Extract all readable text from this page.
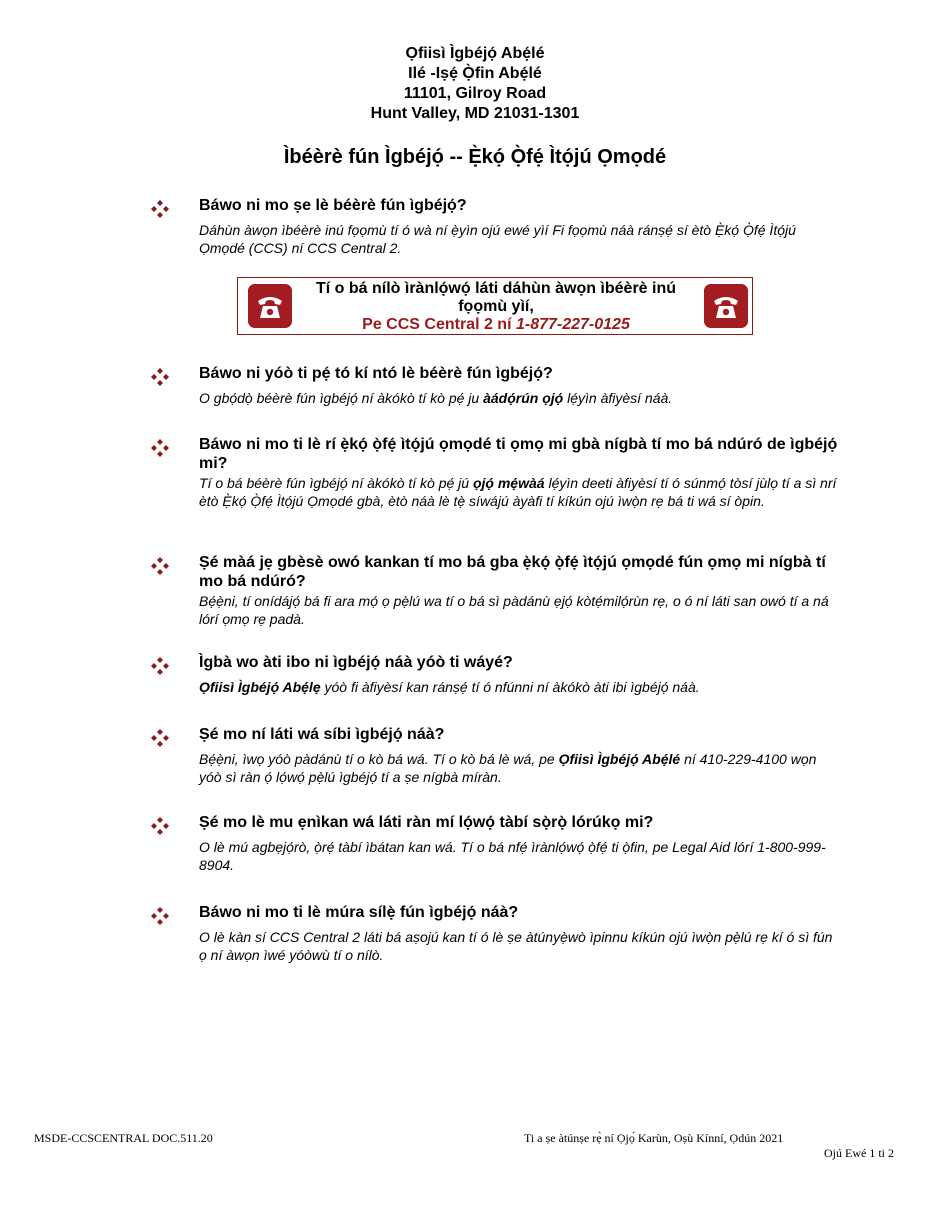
Ọfiisì Ìgbéjọ́ Abẹ́lé
Ilé -Iṣẹ́ Ọ̀fin Abẹ́lé
11101, Gilroy Road
Hunt Valley, MD 21031-1301
Ìbéèrè fún Ìgbéjọ́ -- Ẹ̀kọ́ Ọ̀fẹ́ Ìtọ́jú Ọmọdé
Báwo ni mo ṣe lè béèrè fún ìgbéjọ́?
Dáhùn àwọn ìbéèrè inú fọọmù tí ó wà ní ẹ̀yìn ojú ewé yìí Fi fọọmù náà ránṣẹ́ sí ètò Ẹ̀kọ́ Ọ̀fẹ́ Ìtọ́jú Ọmọdé (CCS) ní CCS Central 2.
Tí o bá nílò ìrànlọ́wọ́ láti dáhùn àwọn ìbéèrè inú fọọmù yìí,
Pe CCS Central 2 ní 1-877-227-0125
Báwo ni yóò ti pẹ́ tó kí ntó lè béèrè fún ìgbéjọ́?
O gbọ́dọ̀ béèrè fún ìgbéjọ́ ní àkókò tí kò pẹ́ ju àádọ́rún ọjọ́ lẹ́yìn àfiyèsí náà.
Báwo ni mo ti lè rí ẹ̀kọ́ ọ̀fẹ́ ìtọ́jú ọmọdé ti ọmọ mi gbà nígbà tí mo bá ndúró de ìgbéjọ́ mi?
Tí o bá béèrè fún ìgbéjọ́ ní àkókò tí kò pẹ́ jú ọjọ́ mẹ́wàá lẹ́yìn deeti àfiyèsí tí ó súnmọ́ tòsí jùlọ tí a sì nrí ètò Ẹ̀kọ́ Ọ̀fẹ́ Ìtọ́jú Ọmọdé gbà, ètò náà lè tẹ̀ síwájú àyàfi tí kíkún ojú ìwọ̀n rẹ bá ti wá sí òpin.
Ṣé màá jẹ gbèsè owó kankan tí mo bá gba ẹ̀kọ́ ọ̀fẹ́ ìtọ́jú ọmọdé fún ọmọ mi nígbà tí mo bá ndúró?
Bẹ́ẹ̀ni, tí onídájọ́ bá fi ara mọ́ ọ pẹ̀lú wa tí o bá sì pàdánù ẹjọ́ kòtẹ́milọ́rùn rẹ, o ó ní láti san owó tí a ná lórí ọmọ rẹ padà.
Ìgbà wo àti ibo ni ìgbéjọ́ náà yóò ti wáyé?
Ọfiisì Ìgbéjọ́ Abẹ́lẹ yóò fi àfiyèsí kan ránṣẹ́ tí ó nfúnni ní àkókò àti ibi ìgbéjọ́ náà.
Ṣé mo ní láti wá síbi ìgbéjọ́ náà?
Bẹ́ẹ̀ni, ìwọ yóò pàdánù tí o kò bá wá. Tí o kò bá lè wá, pe Ọfiisì Ìgbéjọ́ Abẹ́lé ní 410-229-4100 wọn yóò sì ràn ọ́ lọ́wọ́ pẹ̀lú ìgbéjọ́ tí a ṣe nígbà míràn.
Ṣé mo lè mu ẹnìkan wá láti ràn mí lọ́wọ́ tàbí sọ̀rọ̀ lórúkọ mi?
O lè mú agbẹjọ́rò, ọ̀rẹ́ tàbí ìbátan kan wá. Tí o bá nfẹ́ ìrànlọ́wọ́ ọ̀fẹ́ ti ọ̀fin, pe Legal Aid lórí 1-800-999-8904.
Báwo ni mo ti lè múra sílẹ̀ fún ìgbéjọ́ náà?
O lè kàn sí CCS Central 2 láti bá aṣojú kan tí ó lè ṣe àtúnyẹ̀wò ìpinnu kíkún ojú ìwọ̀n pẹ̀lú rẹ kí ó sì fún ọ ní àwọn ìwé yóòwù tí o nílò.
MSDE-CCSCENTRAL DOC.511.20	Ti a ṣe àtúnṣe rẹ̀ ní Ọjọ́ Karùn, Oṣù Kínní, Ọdún 2021
Ojú Ewé 1 ti 2
